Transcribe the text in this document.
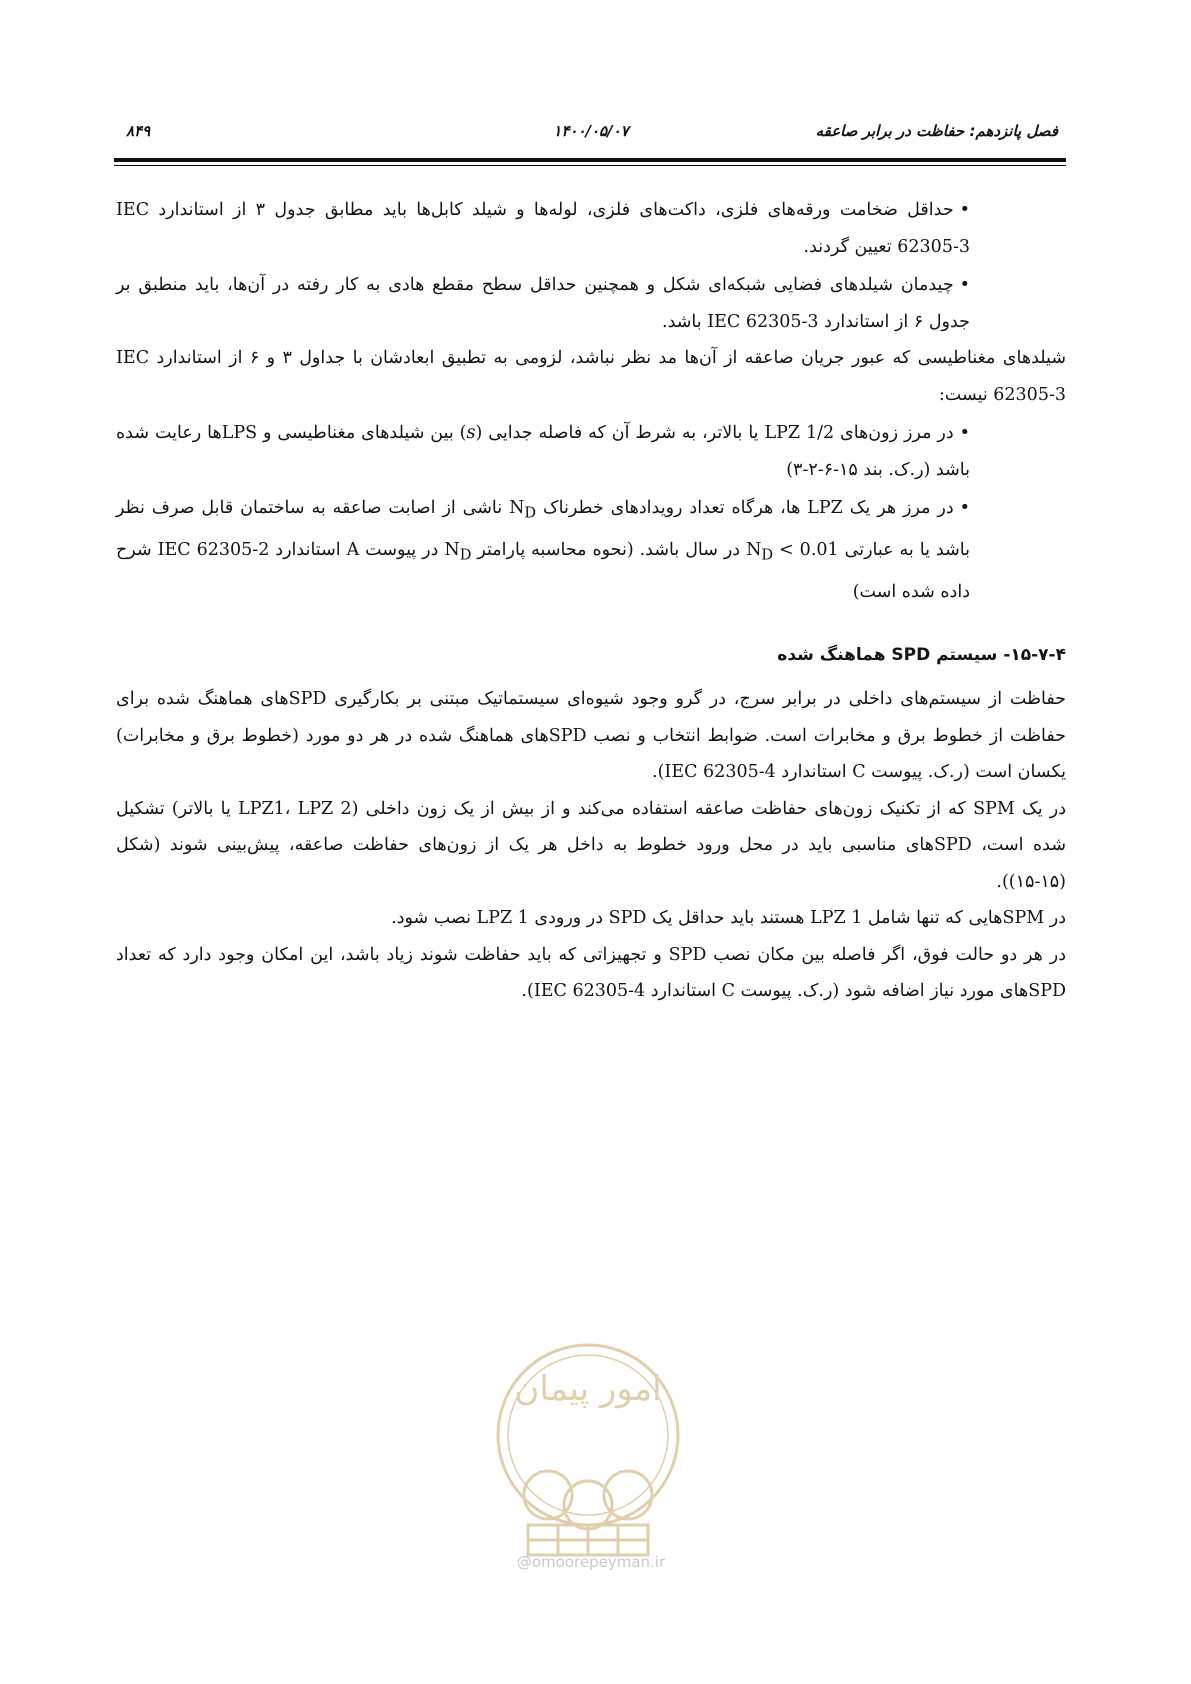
فصل پانزدهم: حفاظت در برابر صاعقه
۱۴۰۰/۰۵/۰۷
۸۴۹

•حداقل ضخامت ورقه‌های فلزی، داکت‌های فلزی، لوله‌ها و شیلد کابل‌ها باید مطابق جدول ۳ از استاندارد IEC 62305-3 تعیین گردند.

•چیدمان شیلدهای فضایی شبکه‌ای شکل و همچنین حداقل سطح مقطع هادی به کار رفته در آن‌ها، باید منطبق بر جدول ۶ از استاندارد IEC 62305-3 باشد.

شیلدهای مغناطیسی که عبور جریان صاعقه از آن‌ها مد نظر نباشد، لزومی به تطبیق ابعادشان با جداول ۳ و ۶ از استاندارد IEC 62305-3 نیست:

•در مرز زون‌های LPZ 1/2 یا بالاتر، به شرط آن که فاصله جدایی (s) بین شیلدهای مغناطیسی و LPSها رعایت شده باشد (ر.ک. بند ۱۵-۶-۲-۳)

•در مرز هر یک LPZ ها، هرگاه تعداد رویدادهای خطرناک $N_D$ ناشی از اصابت صاعقه به ساختمان قابل صرف نظر باشد یا به عبارتی $N_D < 0.01$ در سال باشد. (نحوه محاسبه پارامتر $N_D$ در پیوست A استاندارد IEC 62305-2 شرح داده شده است)

۱۵-۷-۴- سیستم SPD هماهنگ شده

حفاظت از سیستم‌های داخلی در برابر سرج، در گرو وجود شیوه‌ای سیستماتیک مبتنی بر بکارگیری SPDهای هماهنگ شده برای حفاظت از خطوط برق و مخابرات است. ضوابط انتخاب و نصب SPDهای هماهنگ شده در هر دو مورد (خطوط برق و مخابرات) یکسان است (ر.ک. پیوست C استاندارد IEC 62305-4).

در یک SPM که از تکنیک زون‌های حفاظت صاعقه استفاده می‌کند و از بیش از یک زون داخلی (LPZ1، LPZ 2 یا بالاتر) تشکیل شده است، SPDهای مناسبی باید در محل ورود خطوط به داخل هر یک از زون‌های حفاظت صاعقه، پیش‌بینی شوند (شکل (۱۵-۱۵)).

در SPMهایی که تنها شامل LPZ 1 هستند باید حداقل یک SPD در ورودی LPZ 1 نصب شود.

در هر دو حالت فوق، اگر فاصله بین مکان نصب SPD و تجهیزاتی که باید حفاظت شوند زیاد باشد، این امکان وجود دارد که تعداد SPDهای مورد نیاز اضافه شود (ر.ک. پیوست C استاندارد IEC 62305-4).

امور پیمان
@omoorepeyman.ir
